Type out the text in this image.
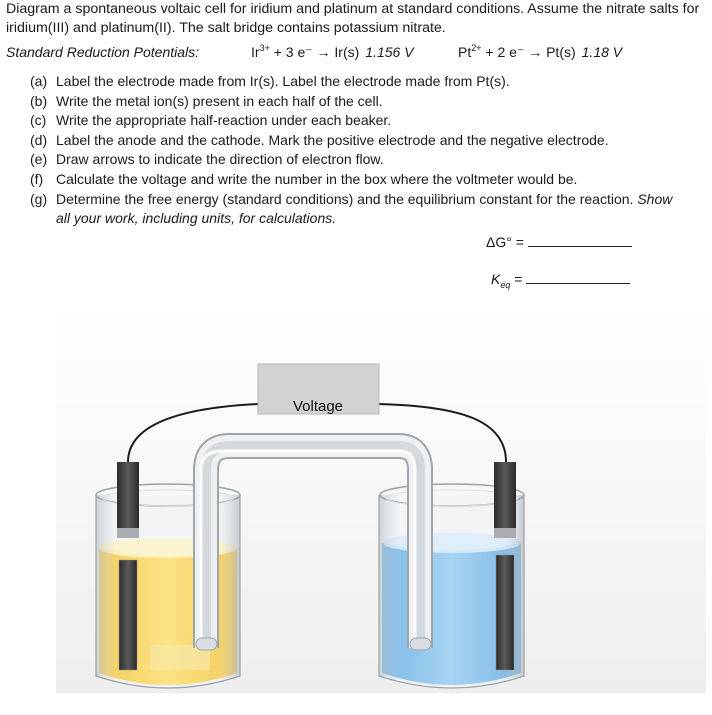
Diagram a spontaneous voltaic cell for iridium and platinum at standard conditions. Assume the nitrate salts for iridium(III) and platinum(II). The salt bridge contains potassium nitrate.
Standard Reduction Potentials:	$Ir^{3+} + 3$ e⁻ → Ir(s) 1.156 V	$Pt^{2+} + 2$ e⁻ → Pt(s) 1.18 V
(a) Label the electrode made from Ir(s). Label the electrode made from Pt(s).
(b) Write the metal ion(s) present in each half of the cell.
(c) Write the appropriate half-reaction under each beaker.
(d) Label the anode and the cathode. Mark the positive electrode and the negative electrode.
(e) Draw arrows to indicate the direction of electron flow.
(f) Calculate the voltage and write the number in the box where the voltmeter would be.
(g) Determine the free energy (standard conditions) and the equilibrium constant for the reaction. Show all your work, including units, for calculations.
ΔG° =
$K_{eq}$ =
Voltage
